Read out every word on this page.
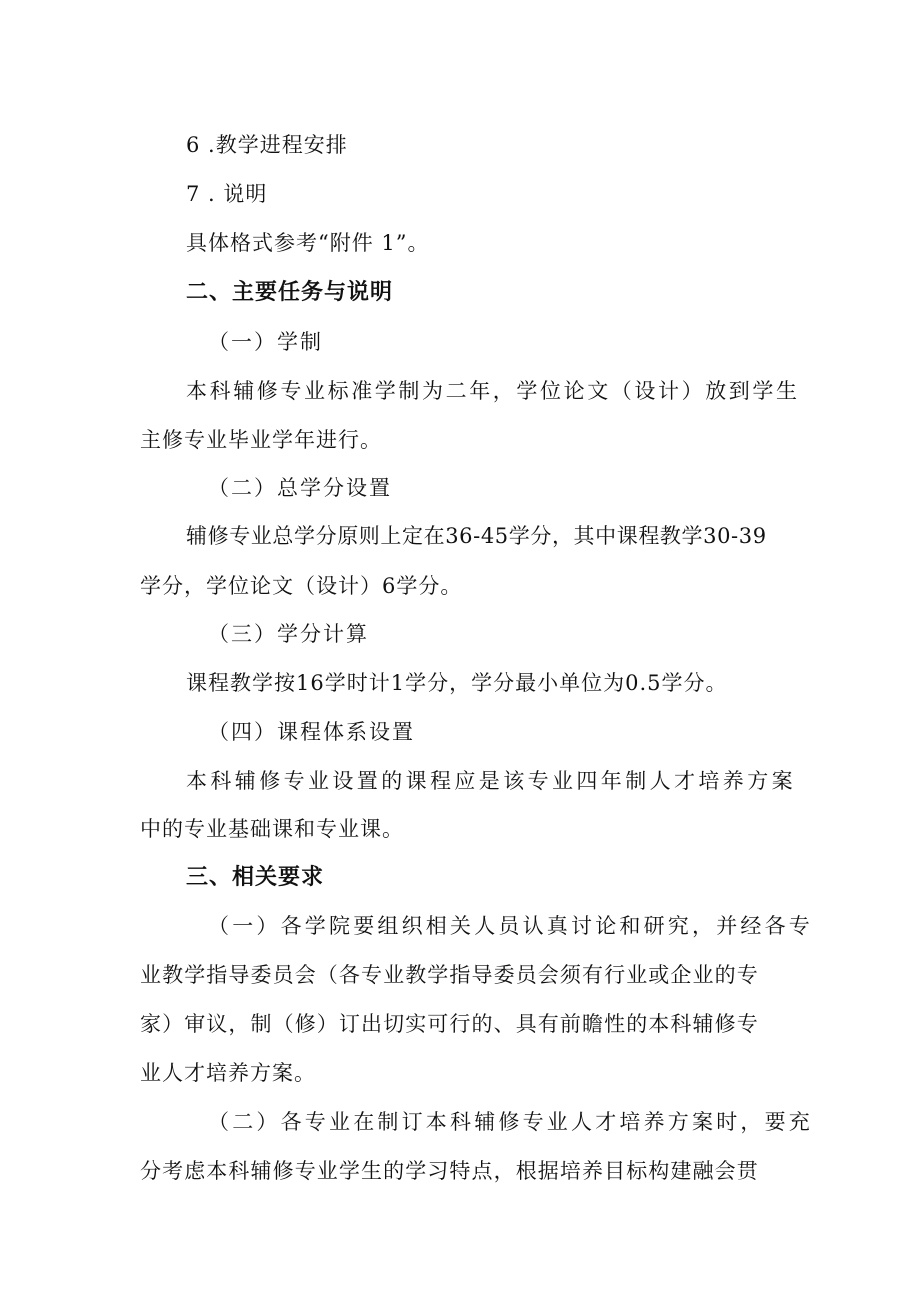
6 .教学进程安排
7 . 说明
具体格式参考“附件 1”。
二、主要任务与说明
（一）学制
本科辅修专业标准学制为二年，学位论文（设计）放到学生
主修专业毕业学年进行。
（二）总学分设置
辅修专业总学分原则上定在36-45学分，其中课程教学30-39
学分，学位论文（设计）6学分。
（三）学分计算
课程教学按16学时计1学分，学分最小单位为0.5学分。
（四）课程体系设置
本科辅修专业设置的课程应是该专业四年制人才培养方案
中的专业基础课和专业课。
三、相关要求
（一）各学院要组织相关人员认真讨论和研究，并经各专
业教学指导委员会（各专业教学指导委员会须有行业或企业的专
家）审议，制（修）订出切实可行的、具有前瞻性的本科辅修专
业人才培养方案。
（二）各专业在制订本科辅修专业人才培养方案时，要充
分考虑本科辅修专业学生的学习特点，根据培养目标构建融会贯
